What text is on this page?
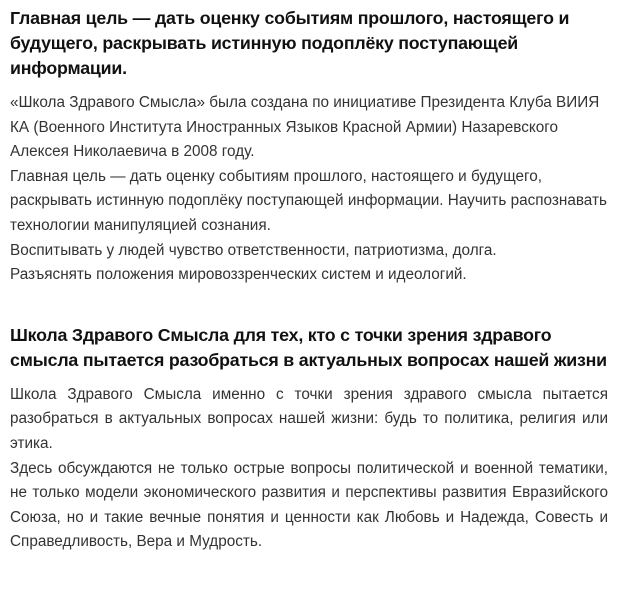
Главная цель — дать оценку событиям прошлого, настоящего и будущего, раскрывать истинную подоплёку поступающей информации.

«Школа Здравого Смысла» была создана по инициативе Президента Клуба ВИИЯ КА (Военного Института Иностранных Языков Красной Армии) Назаревского Алексея Николаевича в 2008 году.

Главная цель — дать оценку событиям прошлого, настоящего и будущего, раскрывать истинную подоплёку поступающей информации. Научить распознавать технологии манипуляцией сознания.

Воспитывать у людей чувство ответственности, патриотизма, долга.

Разъяснять положения мировоззренческих систем и идеологий.

Школа Здравого Смысла для тех, кто с точки зрения здравого смысла пытается разобраться в актуальных вопросах нашей жизни

Школа Здравого Смысла именно с точки зрения здравого смысла пытается разобраться в актуальных вопросах нашей жизни: будь то политика, религия или этика.

Здесь обсуждаются не только острые вопросы политической и военной тематики, не только модели экономического развития и перспективы развития Евразийского Союза, но и такие вечные понятия и ценности как Любовь и Надежда, Совесть и Справедливость, Вера и Мудрость.
